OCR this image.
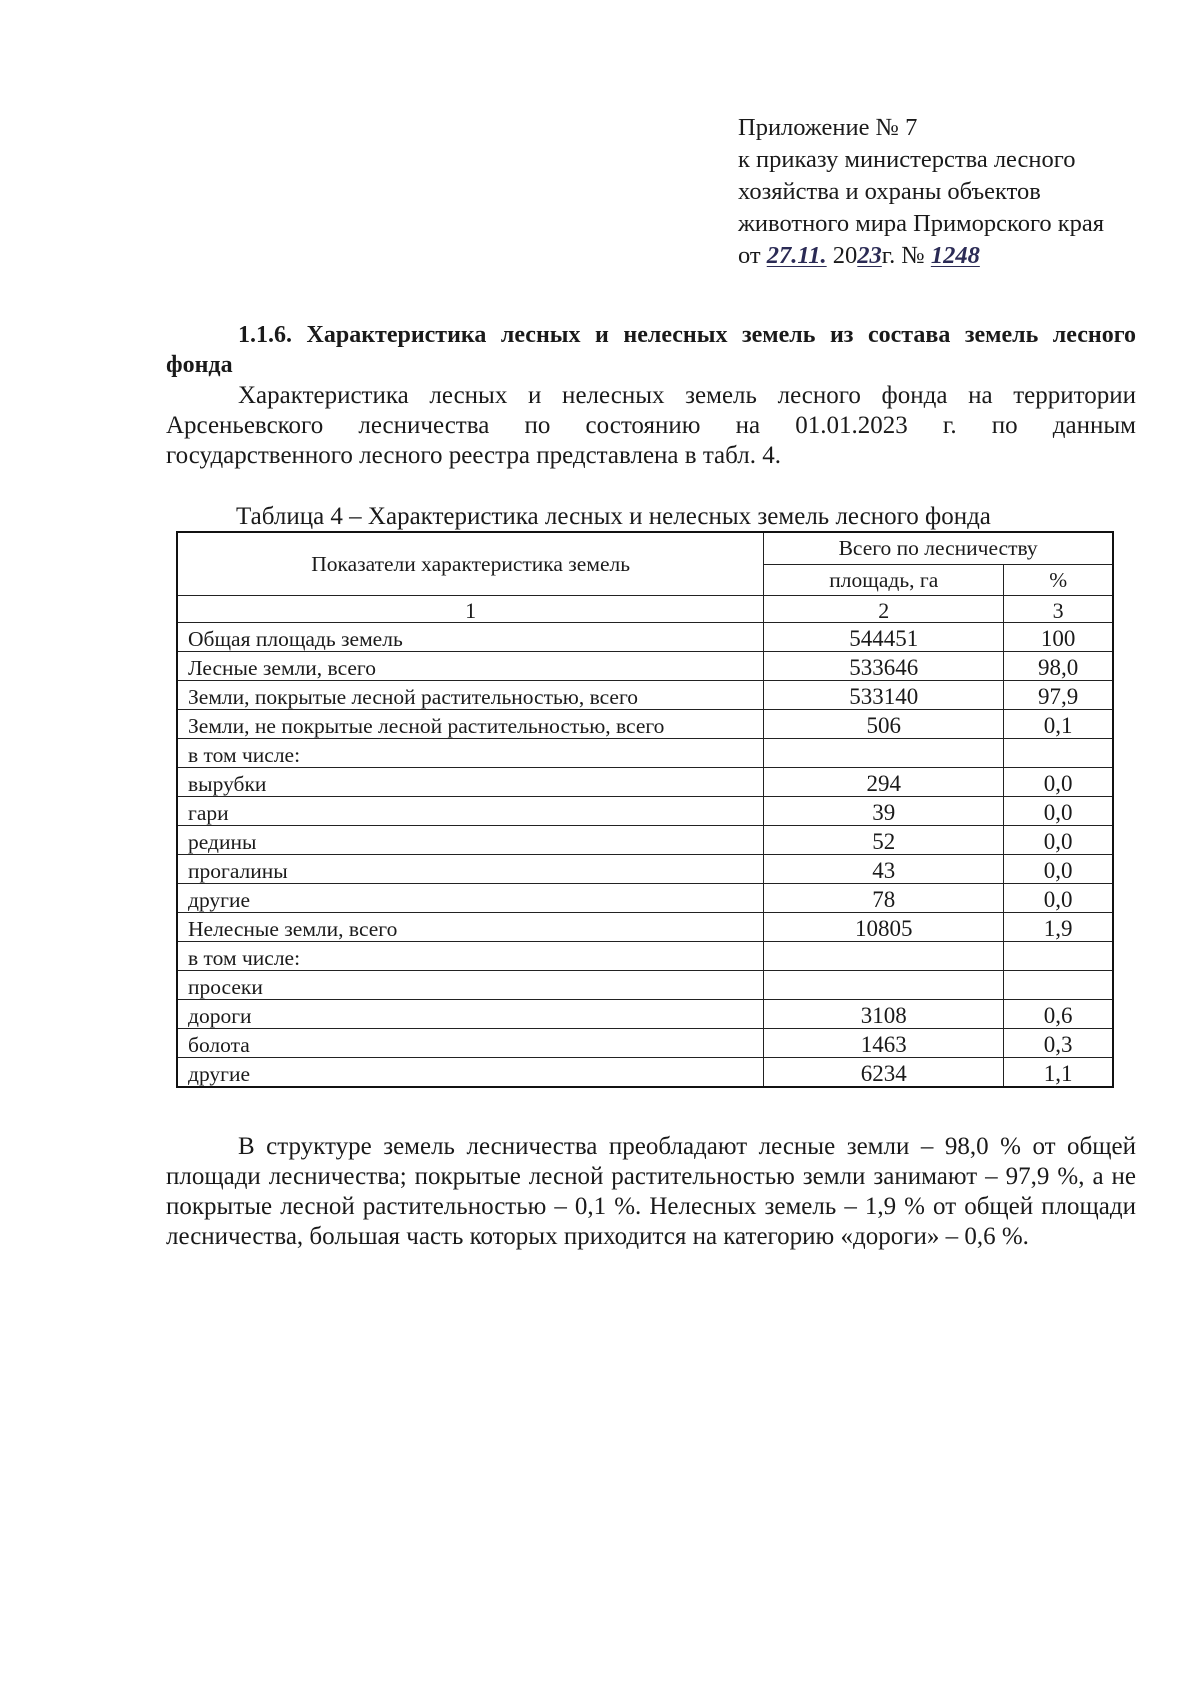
Приложение № 7
к приказу министерства лесного
хозяйства и охраны объектов
животного мира Приморского края
от 27.11. 2023г. № 1248
1.1.6. Характеристика лесных и нелесных земель из состава земель лесного
фонда
Характеристика лесных и нелесных земель лесного фонда на территории
Арсеньевского лесничества по состоянию на 01.01.2023 г. по данным
государственного лесного реестра представлена в табл. 4.
Таблица 4 – Характеристика лесных и нелесных земель лесного фонда
Показатели характеристика земель	Всего по лесничеству	
	площадь, га	%
1	2	3
Общая площадь земель	544451	100
Лесные земли, всего	533646	98,0
Земли, покрытые лесной растительностью, всего	533140	97,9
Земли, не покрытые лесной растительностью, всего	506	0,1
в том числе:		
вырубки	294	0,0
гари	39	0,0
редины	52	0,0
прогалины	43	0,0
другие	78	0,0
Нелесные земли, всего	10805	1,9
в том числе:		
просеки		
дороги	3108	0,6
болота	1463	0,3
другие	6234	1,1
В структуре земель лесничества преобладают лесные земли – 98,0 % от общей площади лесничества; покрытые лесной растительностью земли занимают – 97,9 %, а не покрытые лесной растительностью – 0,1 %. Нелесных земель – 1,9 % от общей площади лесничества, большая часть которых приходится на категорию «дороги» – 0,6 %.
